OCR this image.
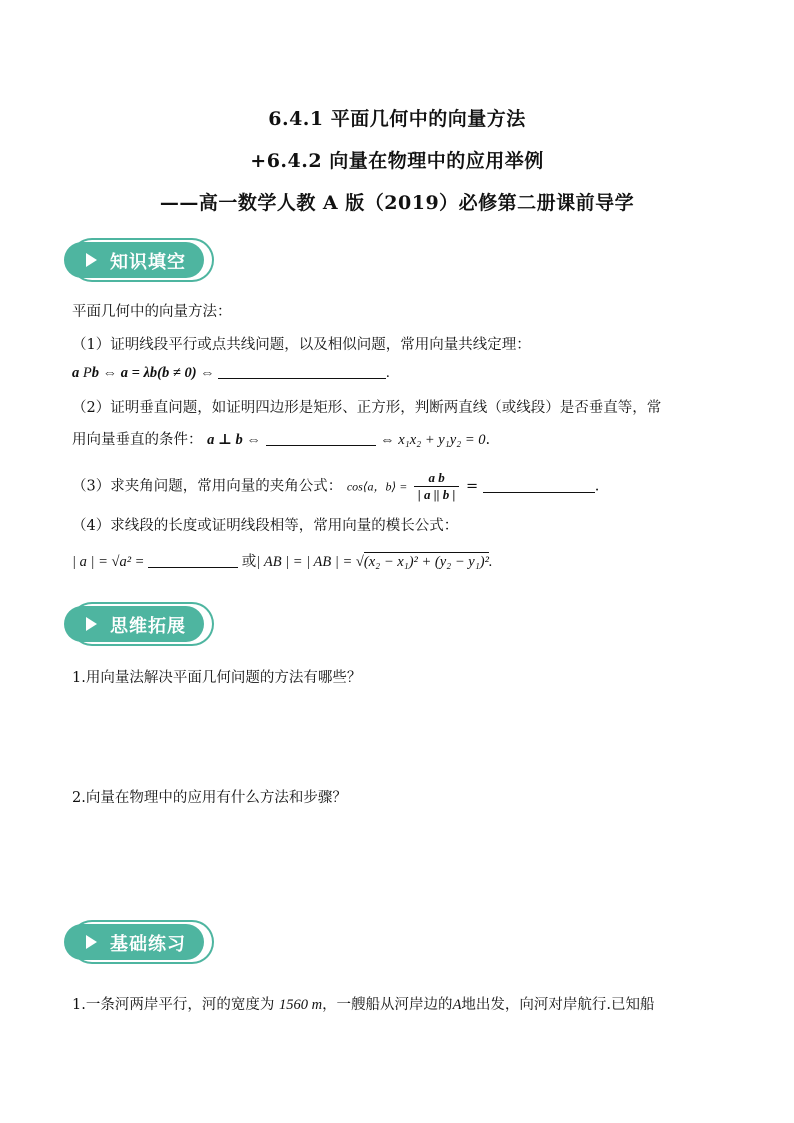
6.4.1 平面几何中的向量方法
+6.4.2 向量在物理中的应用举例
——高一数学人教 A 版（2019）必修第二册课前导学
知识填空
平面几何中的向量方法：
（1）证明线段平行或点共线问题，以及相似问题，常用向量共线定理：
a Pb ⇔ a = λb(b ≠ 0) ⇔	.
（2）证明垂直问题，如证明四边形是矩形、正方形，判断两直线（或线段）是否垂直等，常
用向量垂直的条件： a ⊥ b ⇔	⇔ x₁x₂ + y₁y₂ = 0.
（3）求夹角问题，常用向量的夹角公式： cos⟨a，b⟩ = $\frac{\text{a b}}{| a || b |}$ =	.
（4）求线段的长度或证明线段相等，常用向量的模长公式：
| a | = √a² =	或| AB | = | AB | = √(x₂ − x₁)² + (y₂ − y₁)².
思维拓展
1.用向量法解决平面几何问题的方法有哪些？
2.向量在物理中的应用有什么方法和步骤？
基础练习
1.一条河两岸平行，河的宽度为 1560 m，一艘船从河岸边的A地出发，向河对岸航行.已知船
